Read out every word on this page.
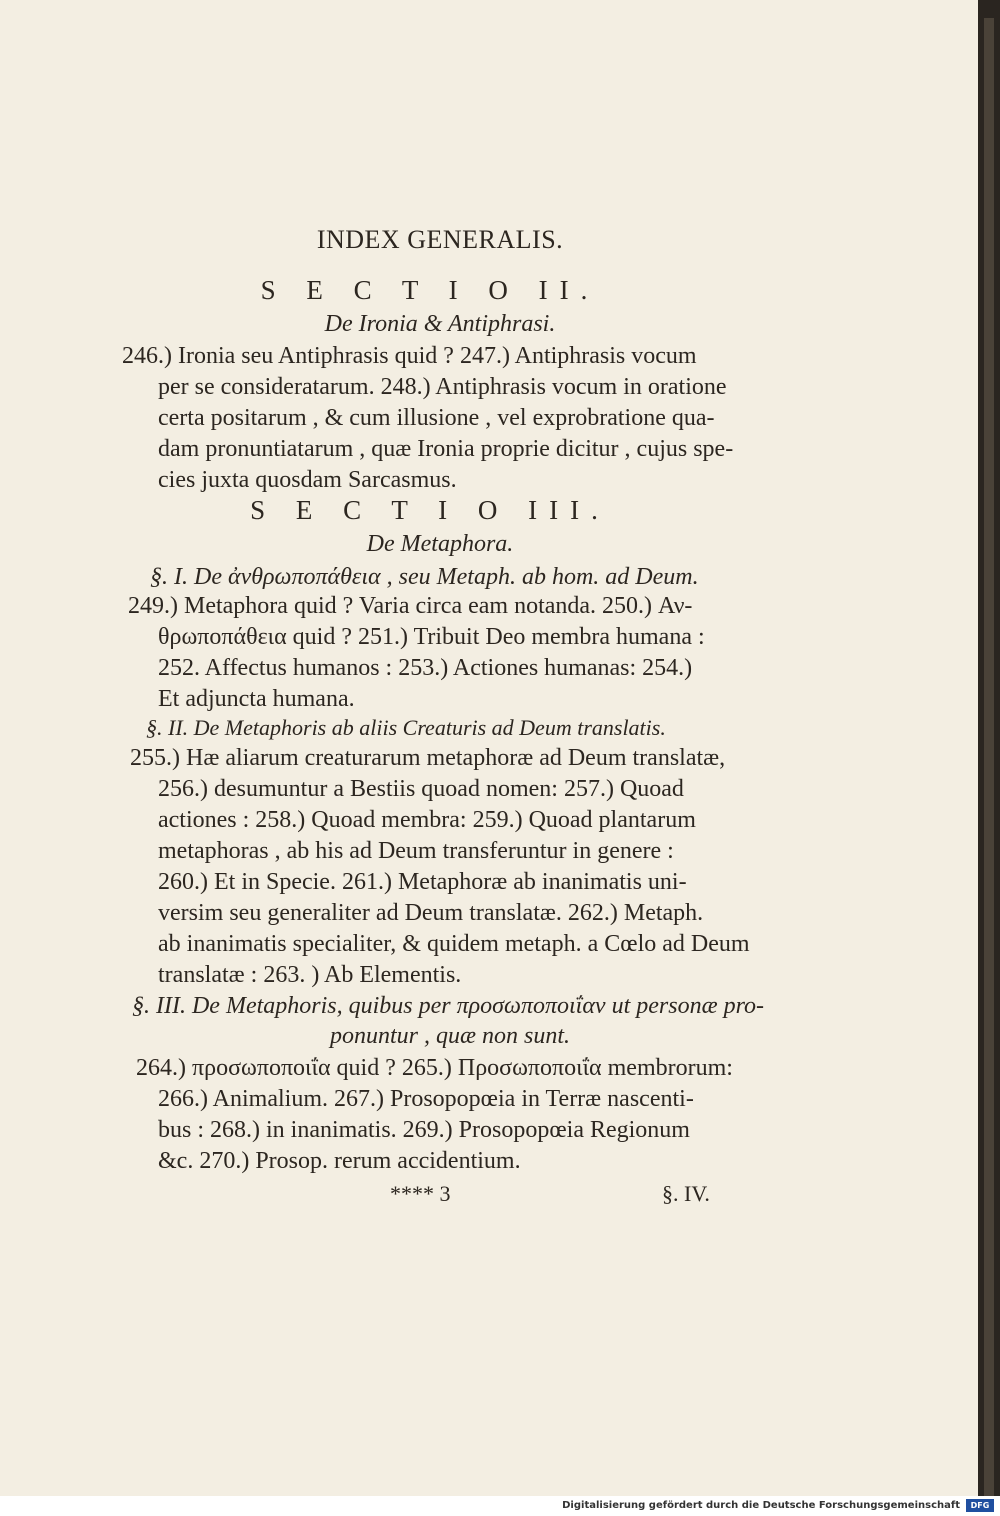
INDEX GENERALIS.
S E C T I O II.
De Ironia & Antiphrasi.
246.) Ironia seu Antiphrasis quid ? 247.) Antiphrasis vocum
per se consideratarum. 248.) Antiphrasis vocum in oratione
certa positarum , & cum illusione , vel exprobratione qua-
dam pronuntiatarum , quæ Ironia proprie dicitur , cujus spe-
cies juxta quosdam Sarcasmus.
S E C T I O III.
De Metaphora.
§. I. De ἀνθρωποπάθεια , seu Metaph. ab hom. ad Deum.
249.) Metaphora quid ? Varia circa eam notanda. 250.) Αν-
θρωποπάθεια quid ? 251.) Tribuit Deo membra humana :
252. Affectus humanos : 253.) Actiones humanas: 254.)
Et adjuncta humana.
§. II. De Metaphoris ab aliis Creaturis ad Deum translatis.
255.) Hæ aliarum creaturarum metaphoræ ad Deum translatæ,
256.) desumuntur a Bestiis quoad nomen: 257.) Quoad
actiones : 258.) Quoad membra: 259.) Quoad plantarum
metaphoras , ab his ad Deum transferuntur in genere :
260.) Et in Specie. 261.) Metaphoræ ab inanimatis uni-
versim seu generaliter ad Deum translatæ. 262.) Metaph.
ab inanimatis specialiter, & quidem metaph. a Cœlo ad Deum
translatæ : 263. ) Ab Elementis.
§. III. De Metaphoris, quibus per προσωποποιΐαν ut personæ pro-
ponuntur , quæ non sunt.
264.) προσωποποιΐα quid ? 265.) Προσωποποιΐα membrorum:
266.) Animalium. 267.) Prosopopœia in Terræ nascenti-
bus : 268.) in inanimatis. 269.) Prosopopœia Regionum
&c. 270.) Prosop. rerum accidentium.
**** 3	§. IV.
Digitalisierung gefördert durch die Deutsche Forschungsgemeinschaft	DFG
